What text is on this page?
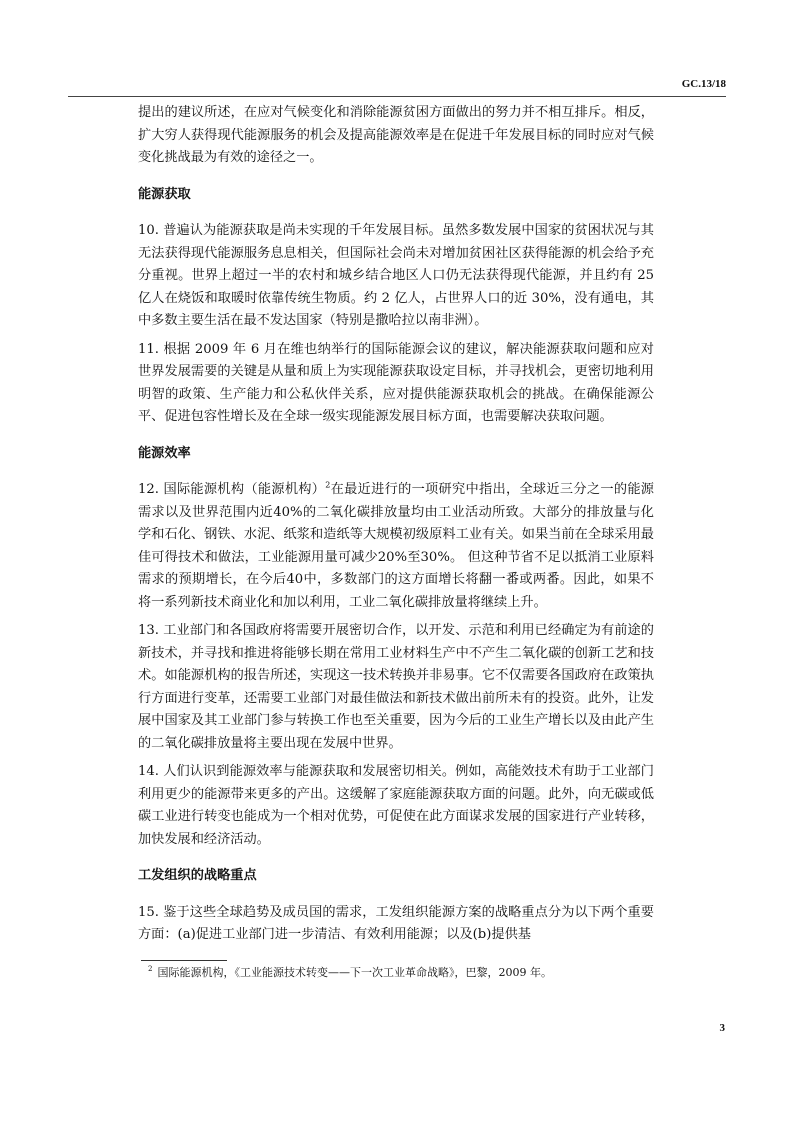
GC.13/18

提出的建议所述，在应对气候变化和消除能源贫困方面做出的努力并不相互排斥。相反，扩大穷人获得现代能源服务的机会及提高能源效率是在促进千年发展目标的同时应对气候变化挑战最为有效的途径之一。

能源获取

10. 普遍认为能源获取是尚未实现的千年发展目标。虽然多数发展中国家的贫困状况与其无法获得现代能源服务息息相关，但国际社会尚未对增加贫困社区获得能源的机会给予充分重视。世界上超过一半的农村和城乡结合地区人口仍无法获得现代能源，并且约有 25 亿人在烧饭和取暖时依靠传统生物质。约 2 亿人，占世界人口的近 30%，没有通电，其中多数主要生活在最不发达国家（特别是撒哈拉以南非洲）。

11. 根据 2009 年 6 月在维也纳举行的国际能源会议的建议，解决能源获取问题和应对世界发展需要的关键是从量和质上为实现能源获取设定目标，并寻找机会，更密切地利用明智的政策、生产能力和公私伙伴关系，应对提供能源获取机会的挑战。在确保能源公平、促进包容性增长及在全球一级实现能源发展目标方面，也需要解决获取问题。

能源效率

12. 国际能源机构（能源机构）$^2$在最近进行的一项研究中指出，全球近三分之一的能源需求以及世界范围内近40%的二氧化碳排放量均由工业活动所致。大部分的排放量与化学和石化、钢铁、水泥、纸浆和造纸等大规模初级原料工业有关。如果当前在全球采用最佳可得技术和做法，工业能源用量可减少20%至30%。 但这种节省不足以抵消工业原料需求的预期增长，在今后40中，多数部门的这方面增长将翻一番或两番。因此，如果不将一系列新技术商业化和加以利用，工业二氧化碳排放量将继续上升。

13. 工业部门和各国政府将需要开展密切合作，以开发、示范和利用已经确定为有前途的新技术，并寻找和推进将能够长期在常用工业材料生产中不产生二氧化碳的创新工艺和技术。如能源机构的报告所述，实现这一技术转换并非易事。它不仅需要各国政府在政策执行方面进行变革，还需要工业部门对最佳做法和新技术做出前所未有的投资。此外，让发展中国家及其工业部门参与转换工作也至关重要，因为今后的工业生产增长以及由此产生的二氧化碳排放量将主要出现在发展中世界。

14. 人们认识到能源效率与能源获取和发展密切相关。例如，高能效技术有助于工业部门利用更少的能源带来更多的产出。这缓解了家庭能源获取方面的问题。此外，向无碳或低碳工业进行转变也能成为一个相对优势，可促使在此方面谋求发展的国家进行产业转移，加快发展和经济活动。

工发组织的战略重点

15. 鉴于这些全球趋势及成员国的需求，工发组织能源方案的战略重点分为以下两个重要方面：(a)促进工业部门进一步清洁、有效利用能源；以及(b)提供基

$^2$ 国际能源机构，《工业能源技术转变——下一次工业革命战略》，巴黎，2009 年。
3
